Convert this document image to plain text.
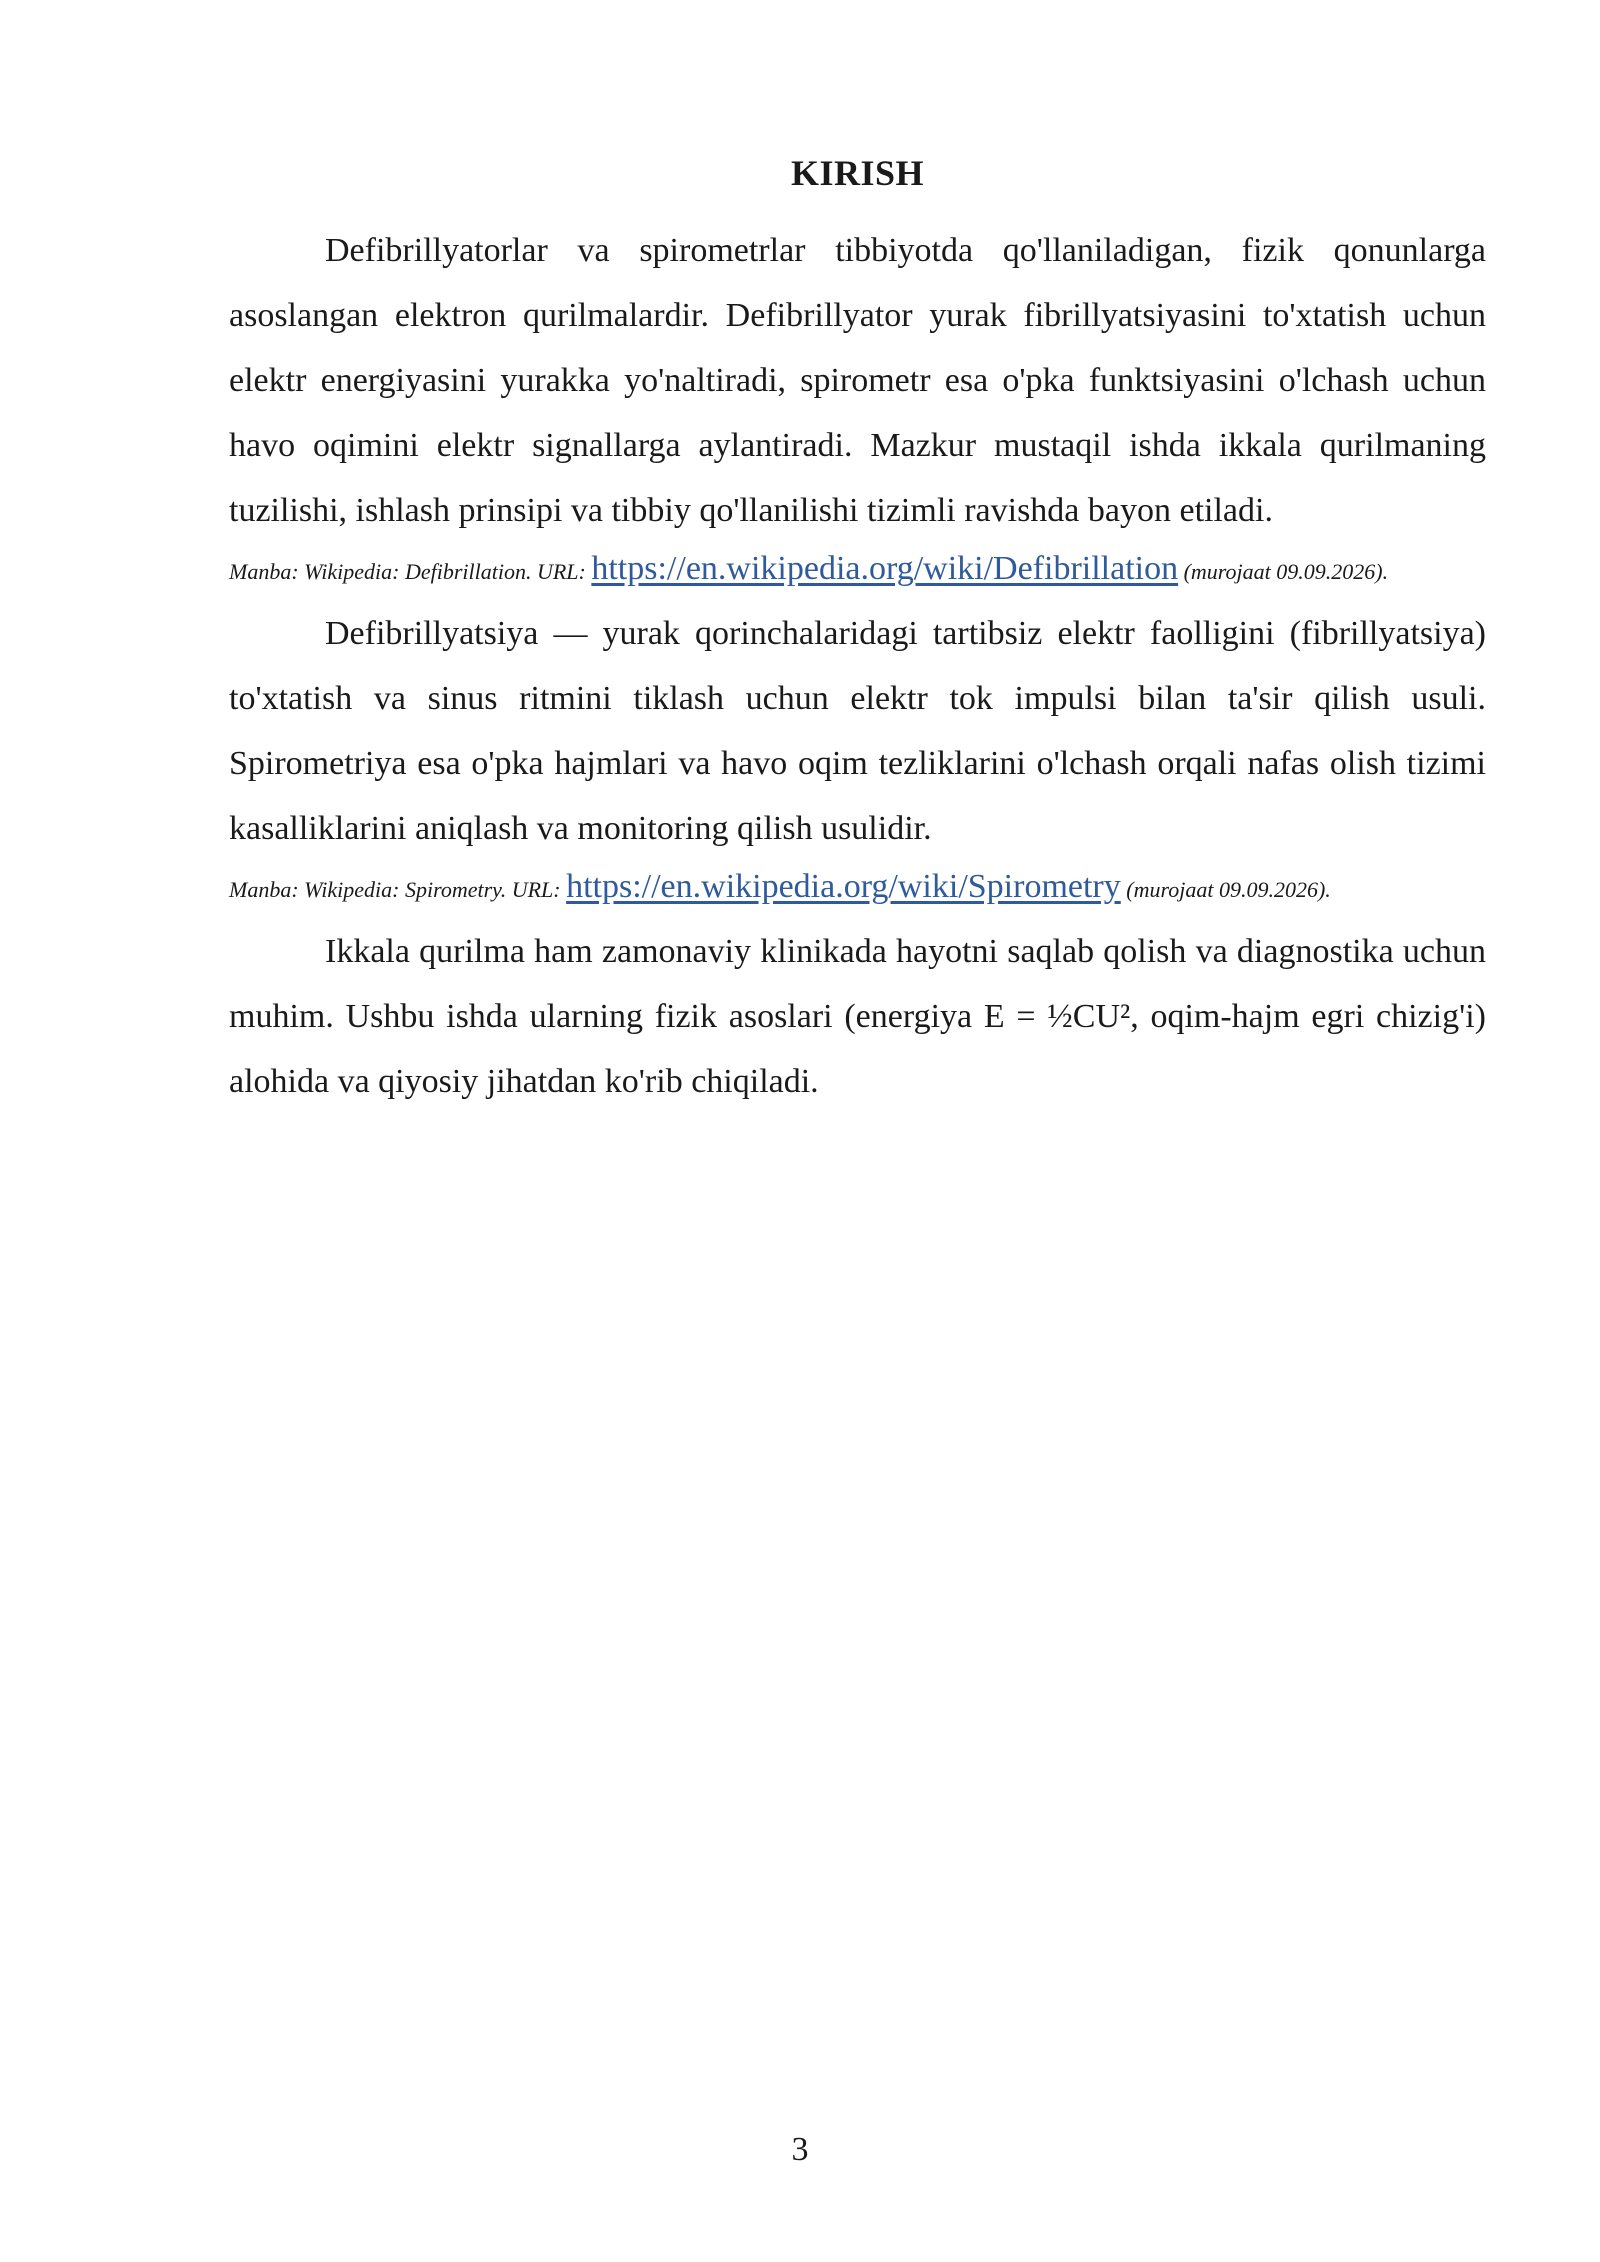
KIRISH

Defibrillyatorlar va spirometrlar tibbiyotda qo'llaniladigan, fizik qonunlarga asoslangan elektron qurilmalardir. Defibrillyator yurak fibrillyatsiyasini to'xtatish uchun elektr energiyasini yurakka yo'naltiradi, spirometr esa o'pka funktsiyasini o'lchash uchun havo oqimini elektr signallarga aylantiradi. Mazkur mustaqil ishda ikkala qurilmaning tuzilishi, ishlash prinsipi va tibbiy qo'llanilishi tizimli ravishda bayon etiladi.

Manba: Wikipedia: Defibrillation. URL: https://en.wikipedia.org/wiki/Defibrillation (murojaat 09.09.2026).

Defibrillyatsiya — yurak qorinchalaridagi tartibsiz elektr faolligini (fibrillyatsiya) to'xtatish va sinus ritmini tiklash uchun elektr tok impulsi bilan ta'sir qilish usuli. Spirometriya esa o'pka hajmlari va havo oqim tezliklarini o'lchash orqali nafas olish tizimi kasalliklarini aniqlash va monitoring qilish usulidir.

Manba: Wikipedia: Spirometry. URL: https://en.wikipedia.org/wiki/Spirometry (murojaat 09.09.2026).

Ikkala qurilma ham zamonaviy klinikada hayotni saqlab qolish va diagnostika uchun muhim. Ushbu ishda ularning fizik asoslari (energiya E = ½CU², oqim-hajm egri chizig'i) alohida va qiyosiy jihatdan ko'rib chiqiladi.

3
